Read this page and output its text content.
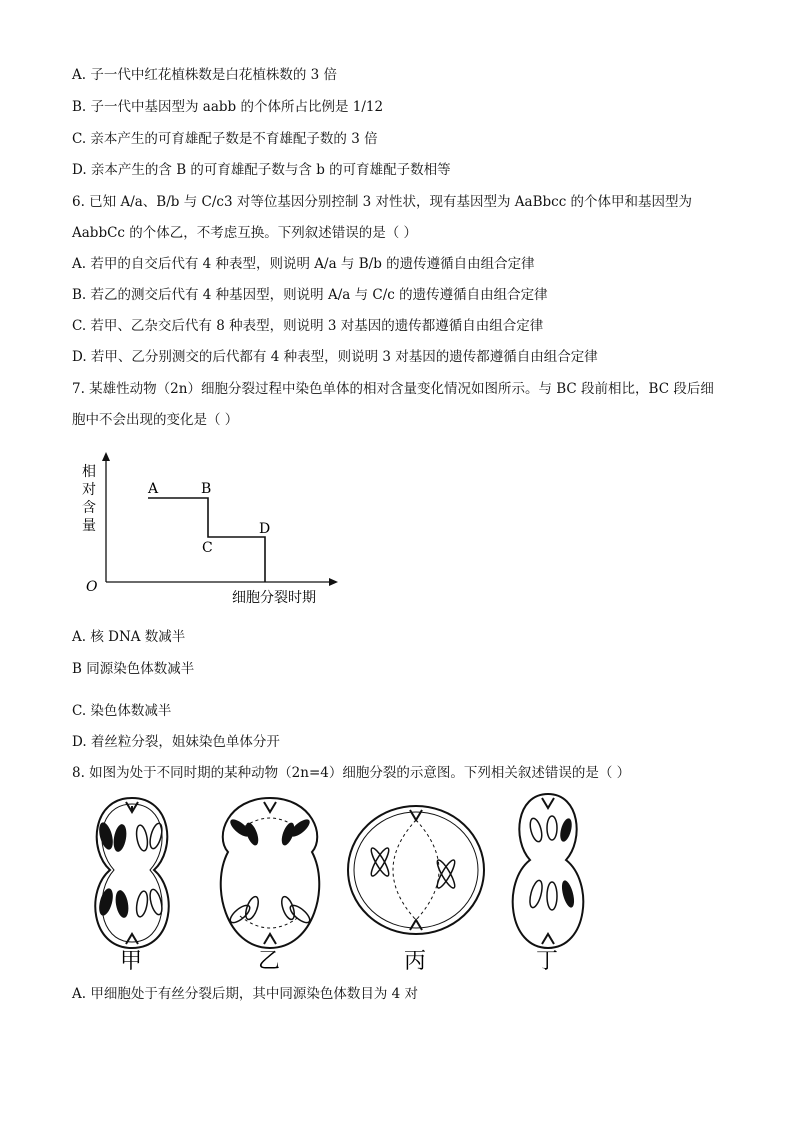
A. 子一代中红花植株数是白花植株数的 3 倍
B. 子一代中基因型为 aabb 的个体所占比例是 1/12
C. 亲本产生的可育雄配子数是不育雄配子数的 3 倍
D. 亲本产生的含 B 的可育雄配子数与含 b 的可育雄配子数相等
6. 已知 A/a、B/b 与 C/c3 对等位基因分别控制 3 对性状，现有基因型为 AaBbcc 的个体甲和基因型为
AabbCc 的个体乙，不考虑互换。下列叙述错误的是（ ）
A. 若甲的自交后代有 4 种表型，则说明 A/a 与 B/b 的遗传遵循自由组合定律
B. 若乙的测交后代有 4 种基因型，则说明 A/a 与 C/c 的遗传遵循自由组合定律
C. 若甲、乙杂交后代有 8 种表型，则说明 3 对基因的遗传都遵循自由组合定律
D. 若甲、乙分别测交的后代都有 4 种表型，则说明 3 对基因的遗传都遵循自由组合定律
7. 某雄性动物（2n）细胞分裂过程中染色单体的相对含量变化情况如图所示。与 BC 段前相比，BC 段后细
胞中不会出现的变化是（ ）
相
对
含
量
O
A	B
C
D
细胞分裂时期
A. 核 DNA 数减半
B 同源染色体数减半
C. 染色体数减半
D. 着丝粒分裂，姐妹染色单体分开
8. 如图为处于不同时期的某种动物（2n=4）细胞分裂的示意图。下列相关叙述错误的是（ ）
甲	乙	丙	丁
A. 甲细胞处于有丝分裂后期，其中同源染色体数目为 4 对
